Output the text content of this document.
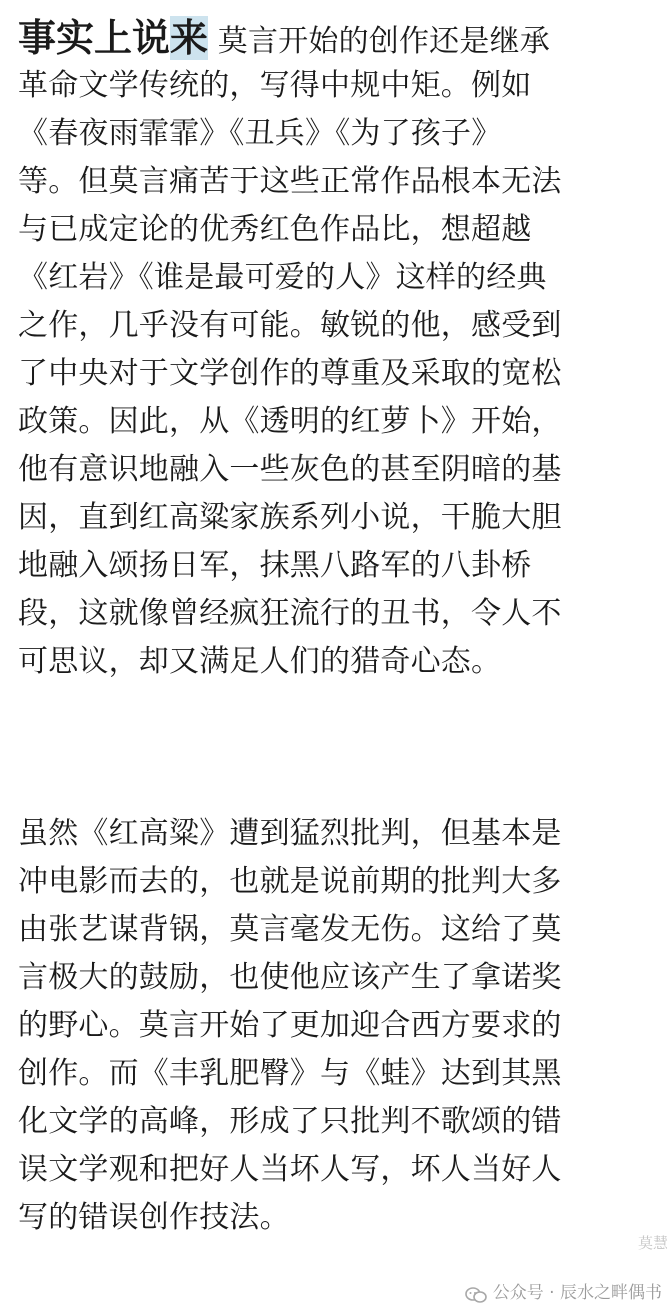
事实上说来 莫言开始的创作还是继承
革命文学传统的，写得中规中矩。例如
《春夜雨霏霏》《丑兵》《为了孩子》
等。但莫言痛苦于这些正常作品根本无法
与已成定论的优秀红色作品比，想超越
《红岩》《谁是最可爱的人》这样的经典
之作，几乎没有可能。敏锐的他，感受到
了中央对于文学创作的尊重及采取的宽松
政策。因此，从《透明的红萝卜》开始，
他有意识地融入一些灰色的甚至阴暗的基
因，直到红高粱家族系列小说，干脆大胆
地融入颂扬日军，抹黑八路军的八卦桥
段，这就像曾经疯狂流行的丑书，令人不
可思议，却又满足人们的猎奇心态。
虽然《红高粱》遭到猛烈批判，但基本是
冲电影而去的，也就是说前期的批判大多
由张艺谋背锅，莫言毫发无伤。这给了莫
言极大的鼓励，也使他应该产生了拿诺奖
的野心。莫言开始了更加迎合西方要求的
创作。而《丰乳肥臀》与《蛙》达到其黑
化文学的高峰，形成了只批判不歌颂的错
误文学观和把好人当坏人写，坏人当好人
写的错误创作技法。
莫慧
公众号 · 辰水之畔偶书
